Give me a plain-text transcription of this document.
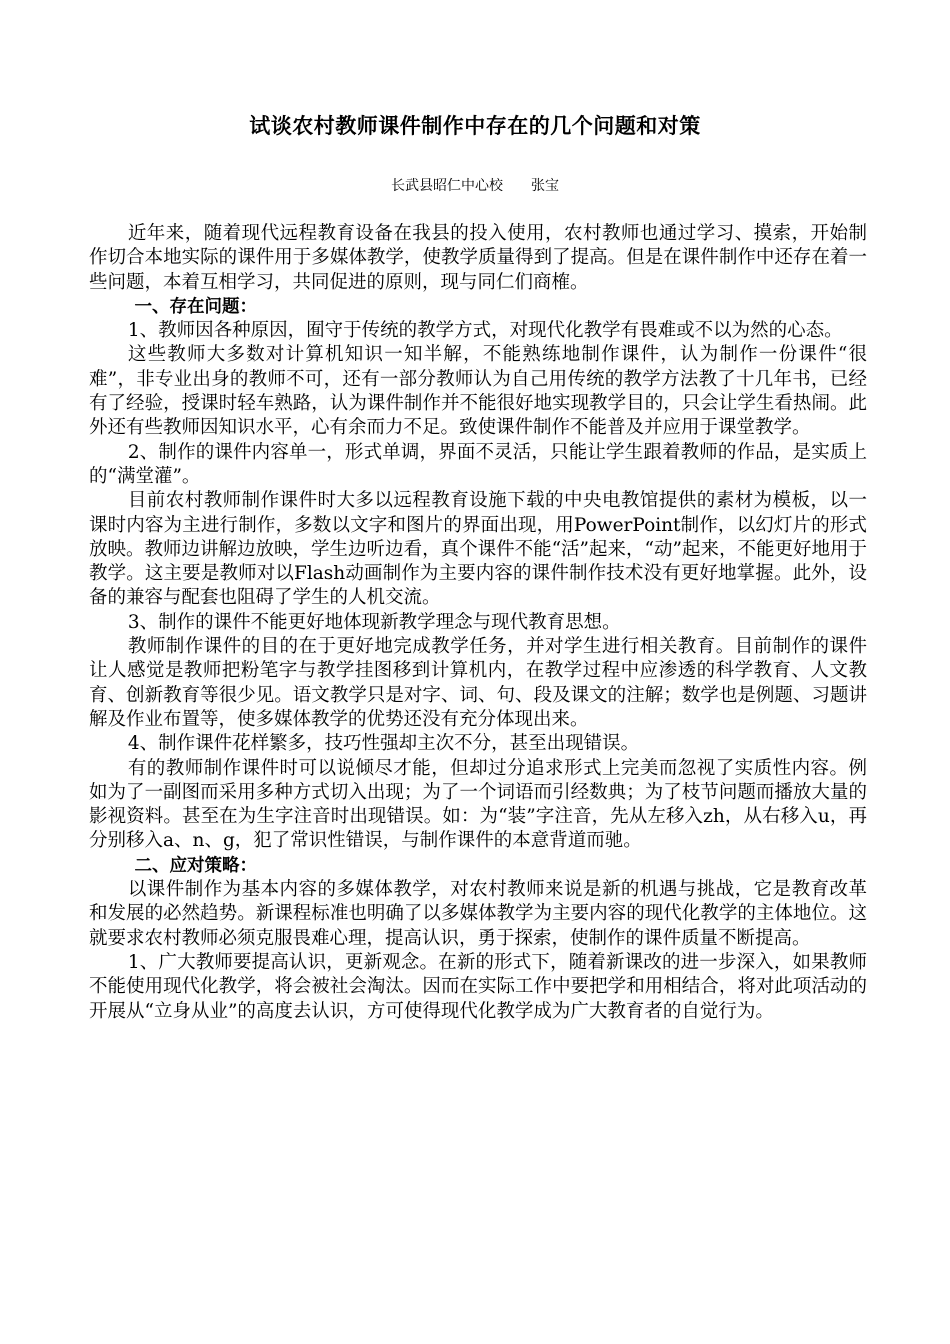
试谈农村教师课件制作中存在的几个问题和对策
长武县昭仁中心校 张宝

近年来，随着现代远程教育设备在我县的投入使用，农村教师也通过学习、摸索，开始制作切合本地实际的课件用于多媒体教学，使教学质量得到了提高。但是在课件制作中还存在着一些问题，本着互相学习，共同促进的原则，现与同仁们商榷。

一、存在问题：

1、教师因各种原因，囿守于传统的教学方式，对现代化教学有畏难或不以为然的心态。

这些教师大多数对计算机知识一知半解，不能熟练地制作课件，认为制作一份课件“很难”，非专业出身的教师不可，还有一部分教师认为自己用传统的教学方法教了十几年书，已经有了经验，授课时轻车熟路，认为课件制作并不能很好地实现教学目的，只会让学生看热闹。此外还有些教师因知识水平，心有余而力不足。致使课件制作不能普及并应用于课堂教学。

2、制作的课件内容单一，形式单调，界面不灵活，只能让学生跟着教师的作品，是实质上的“满堂灌”。

目前农村教师制作课件时大多以远程教育设施下载的中央电教馆提供的素材为模板，以一课时内容为主进行制作，多数以文字和图片的界面出现，用PowerPoint制作，以幻灯片的形式放映。教师边讲解边放映，学生边听边看，真个课件不能“活”起来，“动”起来，不能更好地用于教学。这主要是教师对以Flash动画制作为主要内容的课件制作技术没有更好地掌握。此外，设备的兼容与配套也阻碍了学生的人机交流。

3、制作的课件不能更好地体现新教学理念与现代教育思想。

教师制作课件的目的在于更好地完成教学任务，并对学生进行相关教育。目前制作的课件让人感觉是教师把粉笔字与教学挂图移到计算机内，在教学过程中应渗透的科学教育、人文教育、创新教育等很少见。语文教学只是对字、词、句、段及课文的注解；数学也是例题、习题讲解及作业布置等，使多媒体教学的优势还没有充分体现出来。

4、制作课件花样繁多，技巧性强却主次不分，甚至出现错误。

有的教师制作课件时可以说倾尽才能，但却过分追求形式上完美而忽视了实质性内容。例如为了一副图而采用多种方式切入出现；为了一个词语而引经数典；为了枝节问题而播放大量的影视资料。甚至在为生字注音时出现错误。如：为“装”字注音，先从左移入zh，从右移入u，再分别移入a、n、g，犯了常识性错误，与制作课件的本意背道而驰。

二、应对策略：

以课件制作为基本内容的多媒体教学，对农村教师来说是新的机遇与挑战，它是教育改革和发展的必然趋势。新课程标准也明确了以多媒体教学为主要内容的现代化教学的主体地位。这就要求农村教师必须克服畏难心理，提高认识，勇于探索，使制作的课件质量不断提高。

1、广大教师要提高认识，更新观念。在新的形式下，随着新课改的进一步深入，如果教师不能使用现代化教学，将会被社会淘汰。因而在实际工作中要把学和用相结合，将对此项活动的开展从“立身从业”的高度去认识，方可使得现代化教学成为广大教育者的自觉行为。
